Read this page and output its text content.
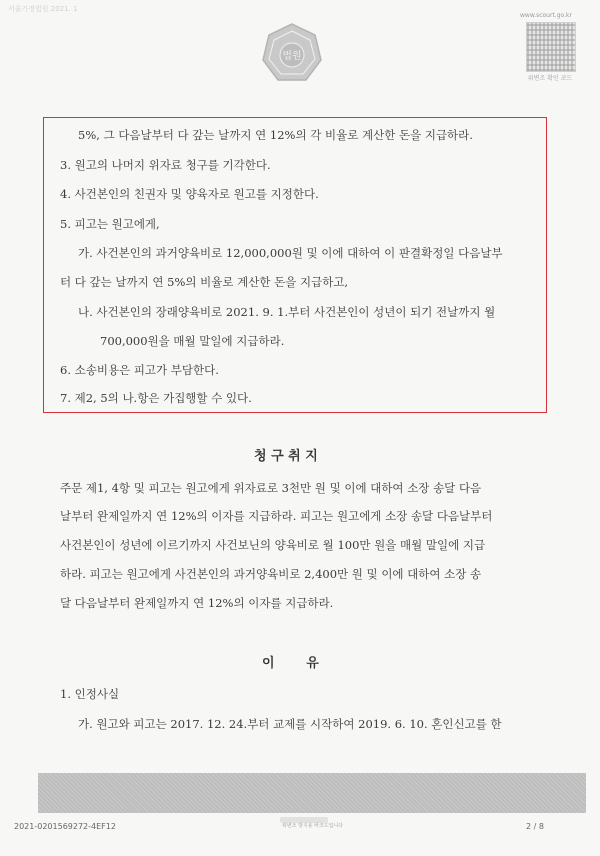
서울가정법원 2021. 1
법원
www.scourt.go.kr
위변조 확인 코드
5%, 그 다음날부터 다 갚는 날까지 연 12%의 각 비율로 계산한 돈을 지급하라.
3. 원고의 나머지 위자료 청구를 기각한다.
4. 사건본인의 친권자 및 양육자로 원고를 지정한다.
5. 피고는 원고에게,
가. 사건본인의 과거양육비로 12,000,000원 및 이에 대하여 이 판결확정일 다음날부
터 다 갚는 날까지 연 5%의 비율로 계산한 돈을 지급하고,
나. 사건본인의 장래양육비로 2021. 9. 1.부터 사건본인이 성년이 되기 전날까지 월
700,000원을 매월 말일에 지급하라.
6. 소송비용은 피고가 부담한다.
7. 제2, 5의 나.항은 가집행할 수 있다.
청 구 취 지
주문 제1, 4항 및 피고는 원고에게 위자료로 3천만 원 및 이에 대하여 소장 송달 다음
날부터 완제일까지 연 12%의 이자를 지급하라. 피고는 원고에게 소장 송달 다음날부터
사건본인이 성년에 이르기까지 사건보닌의 양육비로 월 100만 원을 매월 말일에 지급
하라. 피고는 원고에게 사건본인의 과거양육비로 2,400만 원 및 이에 대하여 소장 송
달 다음날부터 완제일까지 연 12%의 이자를 지급하라.
이       유
1. 인정사실
가. 원고와 피고는 2017. 12. 24.부터 교제를 시작하여 2019. 6. 10. 혼인신고를 한
2021-0201569272-4EF12	위변조 방지용 바코드입니다	2 / 8
